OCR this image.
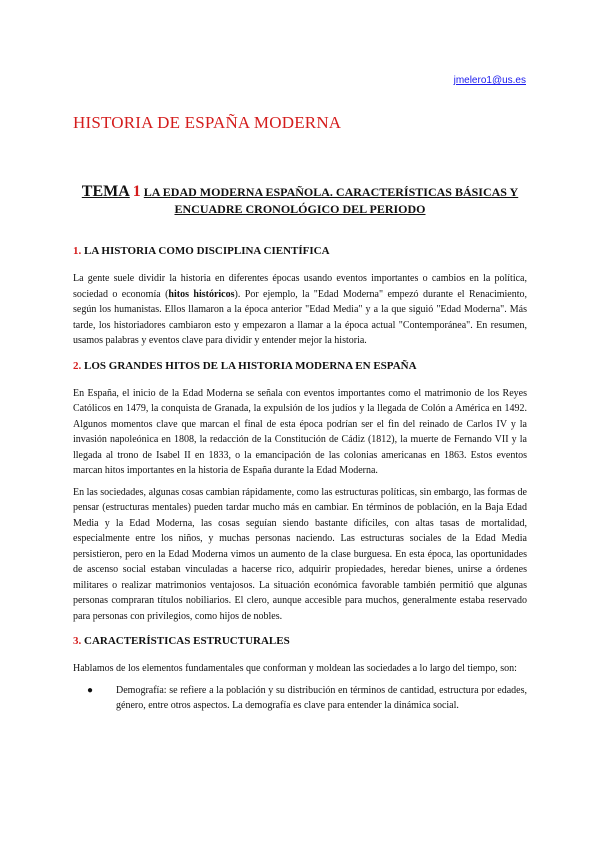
jmelero1@us.es
HISTORIA DE ESPAÑA MODERNA
TEMA 1 LA EDAD MODERNA ESPAÑOLA. CARACTERÍSTICAS BÁSICAS Y
ENCUADRE CRONOLÓGICO DEL PERIODO
1. LA HISTORIA COMO DISCIPLINA CIENTÍFICA

La gente suele dividir la historia en diferentes épocas usando eventos importantes o cambios en la política, sociedad o economía (hitos históricos). Por ejemplo, la "Edad Moderna" empezó durante el Renacimiento, según los humanistas. Ellos llamaron a la época anterior "Edad Media" y a la que siguió "Edad Moderna". Más tarde, los historiadores cambiaron esto y empezaron a llamar a la época actual "Contemporánea". En resumen, usamos palabras y eventos clave para dividir y entender mejor la historia.

2. LOS GRANDES HITOS DE LA HISTORIA MODERNA EN ESPAÑA

En España, el inicio de la Edad Moderna se señala con eventos importantes como el matrimonio de los Reyes Católicos en 1479, la conquista de Granada, la expulsión de los judíos y la llegada de Colón a América en 1492. Algunos momentos clave que marcan el final de esta época podrían ser el fin del reinado de Carlos IV y la invasión napoleónica en 1808, la redacción de la Constitución de Cádiz (1812), la muerte de Fernando VII y la llegada al trono de Isabel II en 1833, o la emancipación de las colonias americanas en 1863. Estos eventos marcan hitos importantes en la historia de España durante la Edad Moderna.

En las sociedades, algunas cosas cambian rápidamente, como las estructuras políticas, sin embargo, las formas de pensar (estructuras mentales) pueden tardar mucho más en cambiar. En términos de población, en la Baja Edad Media y la Edad Moderna, las cosas seguían siendo bastante difíciles, con altas tasas de mortalidad, especialmente entre los niños, y muchas personas naciendo. Las estructuras sociales de la Edad Media persistieron, pero en la Edad Moderna vimos un aumento de la clase burguesa. En esta época, las oportunidades de ascenso social estaban vinculadas a hacerse rico, adquirir propiedades, heredar bienes, unirse a órdenes militares o realizar matrimonios ventajosos. La situación económica favorable también permitió que algunas personas compraran títulos nobiliarios. El clero, aunque accesible para muchos, generalmente estaba reservado para personas con privilegios, como hijos de nobles.

3. CARACTERÍSTICAS ESTRUCTURALES

Hablamos de los elementos fundamentales que conforman y moldean las sociedades a lo largo del tiempo, son:

● Demografía: se refiere a la población y su distribución en términos de cantidad, estructura por edades, género, entre otros aspectos. La demografía es clave para entender la dinámica social.
